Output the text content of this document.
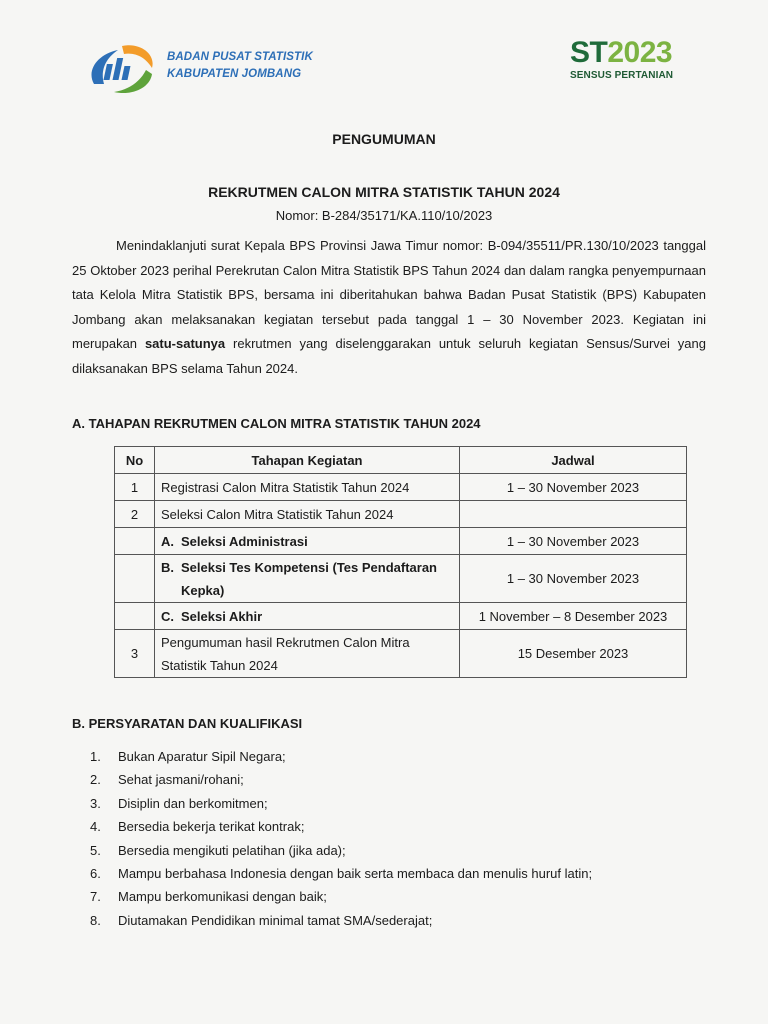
BADAN PUSAT STATISTIK
KABUPATEN JOMBANG
ST2023
SENSUS PERTANIAN
PENGUMUMAN
REKRUTMEN CALON MITRA STATISTIK TAHUN 2024
Nomor: B-284/35171/KA.110/10/2023
Menindaklanjuti surat Kepala BPS Provinsi Jawa Timur nomor: B-094/35511/PR.130/10/2023 tanggal 25 Oktober 2023 perihal Perekrutan Calon Mitra Statistik BPS Tahun 2024 dan dalam rangka penyempurnaan tata Kelola Mitra Statistik BPS, bersama ini diberitahukan bahwa Badan Pusat Statistik (BPS) Kabupaten Jombang akan melaksanakan kegiatan tersebut pada tanggal 1 – 30 November 2023. Kegiatan ini merupakan satu-satunya rekrutmen yang diselenggarakan untuk seluruh kegiatan Sensus/Survei yang dilaksanakan BPS selama Tahun 2024.
A. TAHAPAN REKRUTMEN CALON MITRA STATISTIK TAHUN 2024
No	Tahapan Kegiatan	Jadwal
1	Registrasi Calon Mitra Statistik Tahun 2024	1 – 30 November 2023
2	Seleksi Calon Mitra Statistik Tahun 2024	
	A. Seleksi Administrasi	1 – 30 November 2023

	B. Seleksi Tes Kompetensi (Tes Pendaftaran Kepka)	1 – 30 November 2023
	C. Seleksi Akhir	1 November – 8 Desember 2023
3	Pengumuman hasil Rekrutmen Calon Mitra Statistik Tahun 2024	15 Desember 2023
B. PERSYARATAN DAN KUALIFIKASI
1. Bukan Aparatur Sipil Negara;
2. Sehat jasmani/rohani;
3. Disiplin dan berkomitmen;
4. Bersedia bekerja terikat kontrak;
5. Bersedia mengikuti pelatihan (jika ada);
6. Mampu berbahasa Indonesia dengan baik serta membaca dan menulis huruf latin;
7. Mampu berkomunikasi dengan baik;
8. Diutamakan Pendidikan minimal tamat SMA/sederajat;
